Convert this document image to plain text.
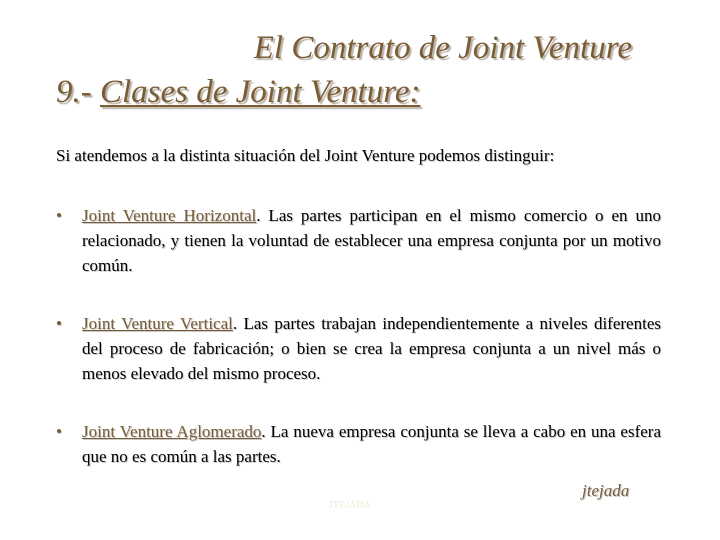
El Contrato de Joint Venture
9.- Clases de Joint Venture:
Si atendemos a la distinta situación del Joint Venture podemos distinguir:
• Joint Venture Horizontal. Las partes participan en el mismo comercio o en uno relacionado, y tienen la voluntad de establecer una empresa conjunta por un motivo común.
• Joint Venture Vertical. Las partes trabajan independientemente a niveles diferentes del proceso de fabricación; o bien se crea la empresa conjunta a un nivel más o menos elevado del mismo proceso.
• Joint Venture Aglomerado. La nueva empresa conjunta se lleva a cabo en una esfera que no es común a las partes.
JTEJADA
jtejada
